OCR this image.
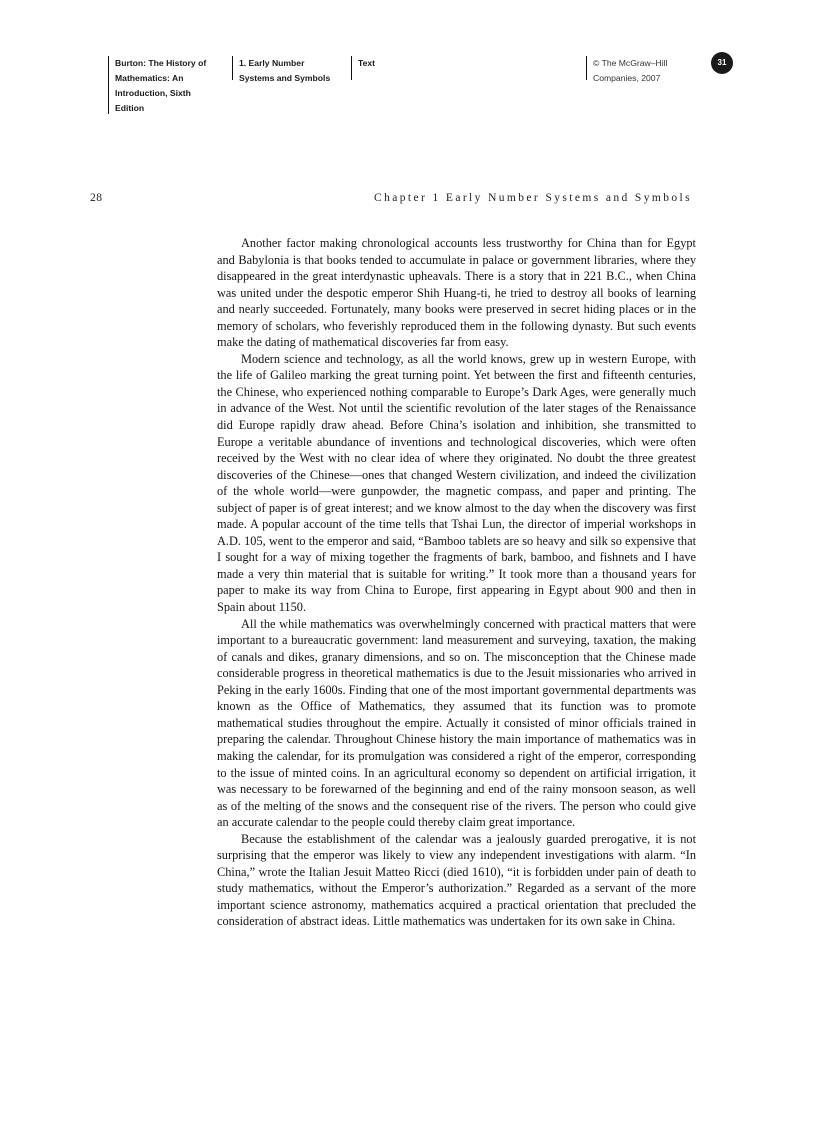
Burton: The History of Mathematics: An Introduction, Sixth Edition
1. Early Number Systems and Symbols
Text	© The McGraw–Hill Companies, 2007
31
28	Chapter 1 Early Number Systems and Symbols

Another factor making chronological accounts less trustworthy for China than for Egypt and Babylonia is that books tended to accumulate in palace or government libraries, where they disappeared in the great interdynastic upheavals. There is a story that in 221 B.C., when China was united under the despotic emperor Shih Huang-ti, he tried to destroy all books of learning and nearly succeeded. Fortunately, many books were preserved in secret hiding places or in the memory of scholars, who feverishly reproduced them in the following dynasty. But such events make the dating of mathematical discoveries far from easy.

Modern science and technology, as all the world knows, grew up in western Europe, with the life of Galileo marking the great turning point. Yet between the first and fifteenth centuries, the Chinese, who experienced nothing comparable to Europe’s Dark Ages, were generally much in advance of the West. Not until the scientific revolution of the later stages of the Renaissance did Europe rapidly draw ahead. Before China’s isolation and inhibition, she transmitted to Europe a veritable abundance of inventions and technological discoveries, which were often received by the West with no clear idea of where they originated. No doubt the three greatest discoveries of the Chinese—ones that changed Western civilization, and indeed the civilization of the whole world—were gunpowder, the magnetic compass, and paper and printing. The subject of paper is of great interest; and we know almost to the day when the discovery was first made. A popular account of the time tells that Tshai Lun, the director of imperial workshops in A.D. 105, went to the emperor and said, “Bamboo tablets are so heavy and silk so expensive that I sought for a way of mixing together the fragments of bark, bamboo, and fishnets and I have made a very thin material that is suitable for writing.” It took more than a thousand years for paper to make its way from China to Europe, first appearing in Egypt about 900 and then in Spain about 1150.

All the while mathematics was overwhelmingly concerned with practical matters that were important to a bureaucratic government: land measurement and surveying, taxation, the making of canals and dikes, granary dimensions, and so on. The misconception that the Chinese made considerable progress in theoretical mathematics is due to the Jesuit missionaries who arrived in Peking in the early 1600s. Finding that one of the most important governmental departments was known as the Office of Mathematics, they assumed that its function was to promote mathematical studies throughout the empire. Actually it consisted of minor officials trained in preparing the calendar. Throughout Chinese history the main importance of mathematics was in making the calendar, for its promulgation was considered a right of the emperor, corresponding to the issue of minted coins. In an agricultural economy so dependent on artificial irrigation, it was necessary to be forewarned of the beginning and end of the rainy monsoon season, as well as of the melting of the snows and the consequent rise of the rivers. The person who could give an accurate calendar to the people could thereby claim great importance.

Because the establishment of the calendar was a jealously guarded prerogative, it is not surprising that the emperor was likely to view any independent investigations with alarm. “In China,” wrote the Italian Jesuit Matteo Ricci (died 1610), “it is forbidden under pain of death to study mathematics, without the Emperor’s authorization.” Regarded as a servant of the more important science astronomy, mathematics acquired a practical orientation that precluded the consideration of abstract ideas. Little mathematics was undertaken for its own sake in China.
